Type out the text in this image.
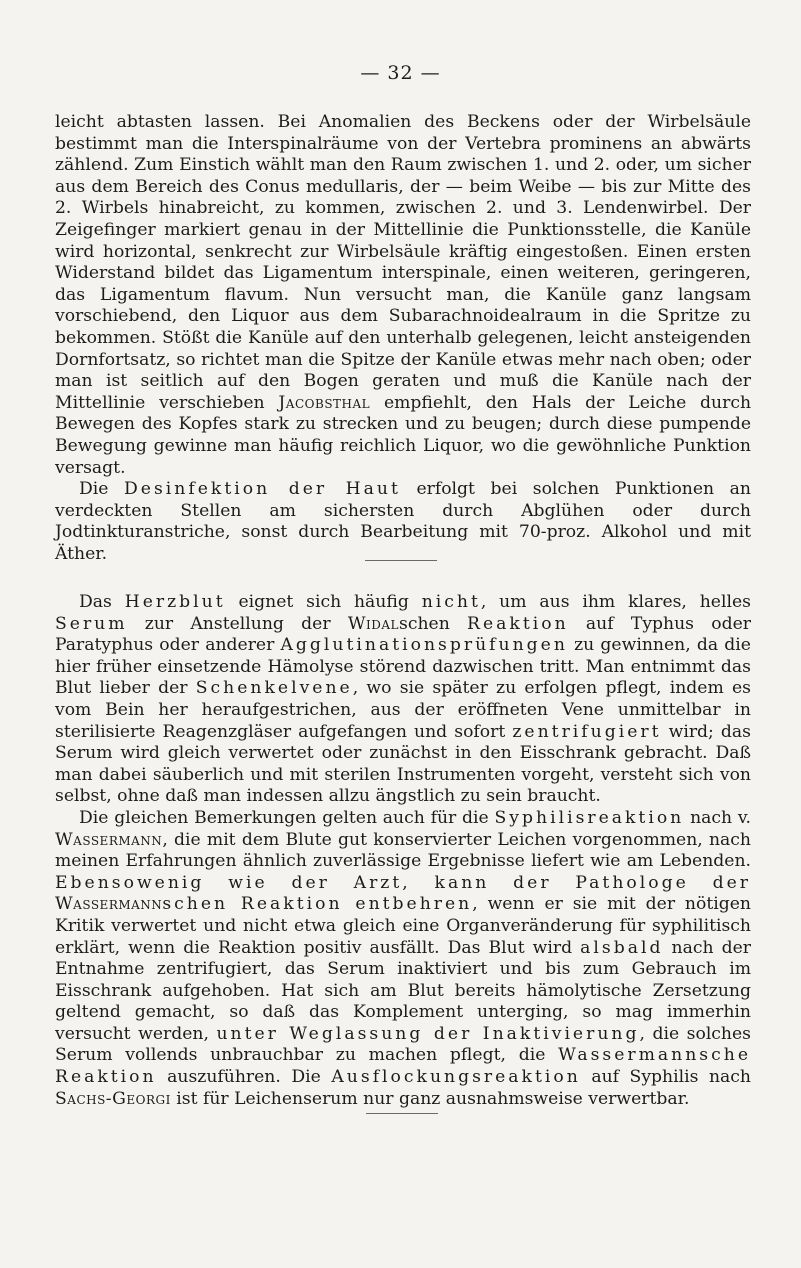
— 32 —

leicht abtasten lassen. Bei Anomalien des Beckens oder der Wirbelsäule bestimmt man die Interspinalräume von der Vertebra prominens an abwärts zählend. Zum Einstich wählt man den Raum zwischen 1. und 2. oder, um sicher aus dem Bereich des Conus medullaris, der — beim Weibe — bis zur Mitte des 2. Wirbels hinabreicht, zu kommen, zwischen 2. und 3. Lendenwirbel. Der Zeigefinger markiert genau in der Mittellinie die Punktionsstelle, die Kanüle wird horizontal, senkrecht zur Wirbelsäule kräftig eingestoßen. Einen ersten Widerstand bildet das Ligamentum interspinale, einen weiteren, geringeren, das Ligamentum flavum. Nun versucht man, die Kanüle ganz langsam vorschiebend, den Liquor aus dem Subarachnoidealraum in die Spritze zu bekommen. Stößt die Kanüle auf den unterhalb gelegenen, leicht ansteigenden Dornfortsatz, so richtet man die Spitze der Kanüle etwas mehr nach oben; oder man ist seitlich auf den Bogen geraten und muß die Kanüle nach der Mittellinie verschieben Jacobsthal empfiehlt, den Hals der Leiche durch Bewegen des Kopfes stark zu strecken und zu beugen; durch diese pumpende Bewegung gewinne man häufig reichlich Liquor, wo die gewöhnliche Punktion versagt.

Die Desinfektion der Haut erfolgt bei solchen Punktionen an verdeckten Stellen am sichersten durch Abglühen oder durch Jodtinkturanstriche, sonst durch Bearbeitung mit 70-proz. Alkohol und mit Äther.

Das Herzblut eignet sich häufig nicht, um aus ihm klares, helles Serum zur Anstellung der Widalschen Reaktion auf Typhus oder Paratyphus oder anderer Agglutinationsprüfungen zu gewinnen, da die hier früher einsetzende Hämolyse störend dazwischen tritt. Man entnimmt das Blut lieber der Schenkelvene, wo sie später zu erfolgen pflegt, indem es vom Bein her heraufgestrichen, aus der eröffneten Vene unmittelbar in sterilisierte Reagenzgläser aufgefangen und sofort zentrifugiert wird; das Serum wird gleich verwertet oder zunächst in den Eisschrank gebracht. Daß man dabei säuberlich und mit sterilen Instrumenten vorgeht, versteht sich von selbst, ohne daß man indessen allzu ängstlich zu sein braucht.

Die gleichen Bemerkungen gelten auch für die Syphilisreaktion nach v. Wassermann, die mit dem Blute gut konservierter Leichen vorgenommen, nach meinen Erfahrungen ähnlich zuverlässige Ergebnisse liefert wie am Lebenden. Ebensowenig wie der Arzt, kann der Pathologe der Wassermannschen Reaktion entbehren, wenn er sie mit der nötigen Kritik verwertet und nicht etwa gleich eine Organveränderung für syphilitisch erklärt, wenn die Reaktion positiv ausfällt. Das Blut wird alsbald nach der Entnahme zentrifugiert, das Serum inaktiviert und bis zum Gebrauch im Eisschrank aufgehoben. Hat sich am Blut bereits hämolytische Zersetzung geltend gemacht, so daß das Komplement unterging, so mag immerhin versucht werden, unter Weglassung der Inaktivierung, die solches Serum vollends unbrauchbar zu machen pflegt, die Wassermannsche Reaktion auszuführen. Die Ausflockungsreaktion auf Syphilis nach Sachs-Georgi ist für Leichenserum nur ganz ausnahmsweise verwertbar.
